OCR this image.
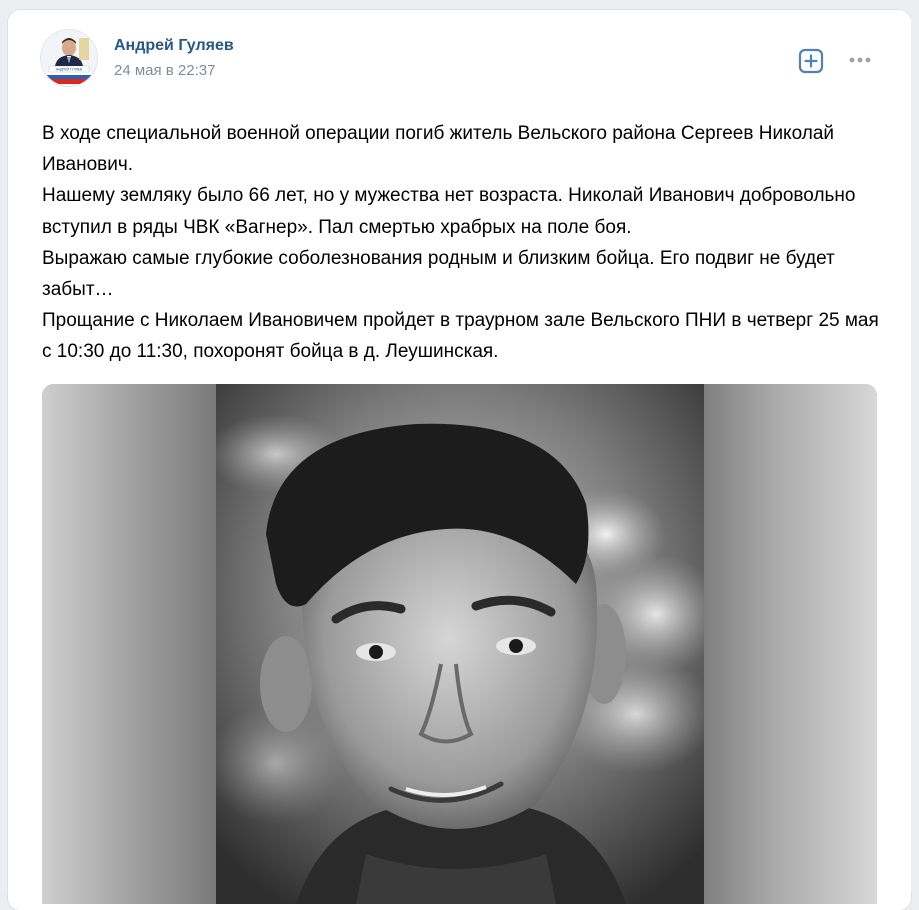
АНДРЕЙ ГУЛЯЕВ
Андрей Гуляев
24 мая в 22:37

В ходе специальной военной операции погиб житель Вельского района Сергеев Николай Иванович.

Нашему земляку было 66 лет, но у мужества нет возраста. Николай Иванович добровольно вступил в ряды ЧВК «Вагнер». Пал смертью храбрых на поле боя.

Выражаю самые глубокие соболезнования родным и близким бойца. Его подвиг не будет забыт…

Прощание с Николаем Ивановичем пройдет в траурном зале Вельского ПНИ в четверг 25 мая с 10:30 до 11:30, похоронят бойца в д. Леушинская.
